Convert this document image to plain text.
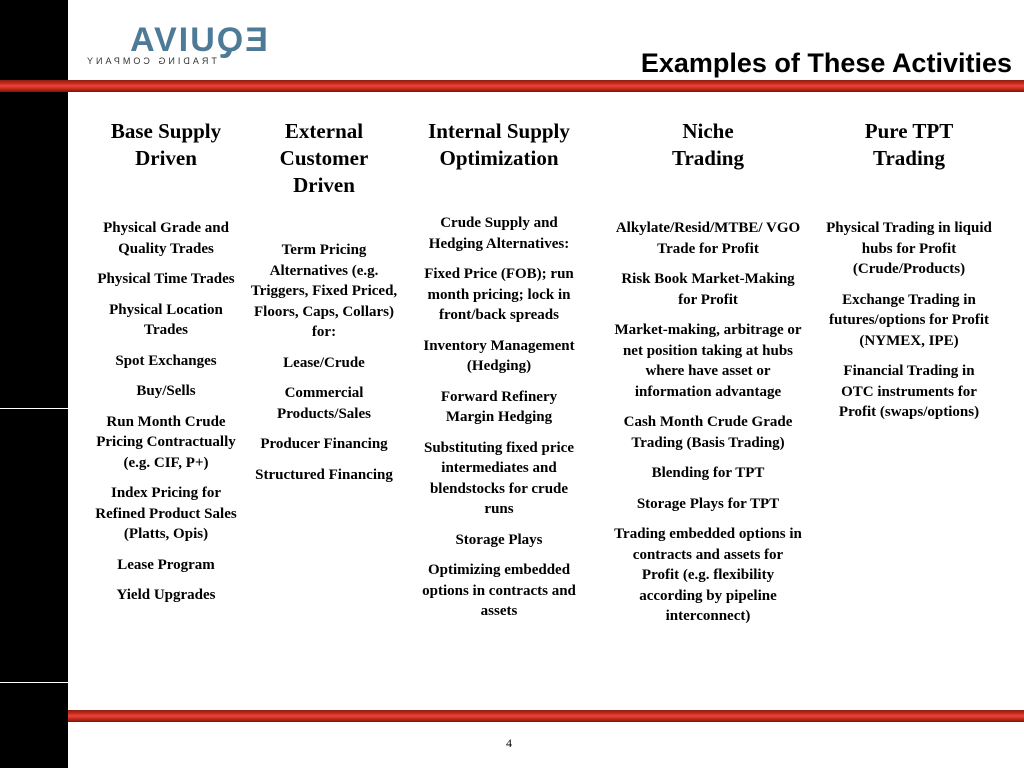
EQUIVA
TRADING COMPANY	Examples of These Activities
Base Supply
Driven

Physical Grade and Quality Trades

Physical Time Trades

Physical Location Trades

Spot Exchanges

Buy/Sells

Run Month Crude Pricing Contractually (e.g. CIF, P+)

Index Pricing for Refined Product Sales (Platts, Opis)

Lease Program

Yield Upgrades

External
Customer
Driven

Term Pricing Alternatives (e.g. Triggers, Fixed Priced, Floors, Caps, Collars) for:

Lease/Crude

Commercial Products/Sales

Producer Financing

Structured Financing

Internal Supply
Optimization

Crude Supply and Hedging Alternatives:

Fixed Price (FOB); run month pricing; lock in front/back spreads

Inventory Management (Hedging)

Forward Refinery Margin Hedging

Substituting fixed price intermediates and blendstocks for crude runs

Storage Plays

Optimizing embedded options in contracts and assets

Niche
Trading

Alkylate/Resid/MTBE/ VGO Trade for Profit

Risk Book Market-Making for Profit

Market-making, arbitrage or net position taking at hubs where have asset or information advantage

Cash Month Crude Grade Trading (Basis Trading)

Blending for TPT

Storage Plays for TPT

Trading embedded options in contracts and assets for Profit (e.g. flexibility according by pipeline interconnect)

Pure TPT
Trading

Physical Trading in liquid hubs for Profit (Crude/Products)

Exchange Trading in futures/options for Profit (NYMEX, IPE)

Financial Trading in OTC instruments for Profit (swaps/options)

4
